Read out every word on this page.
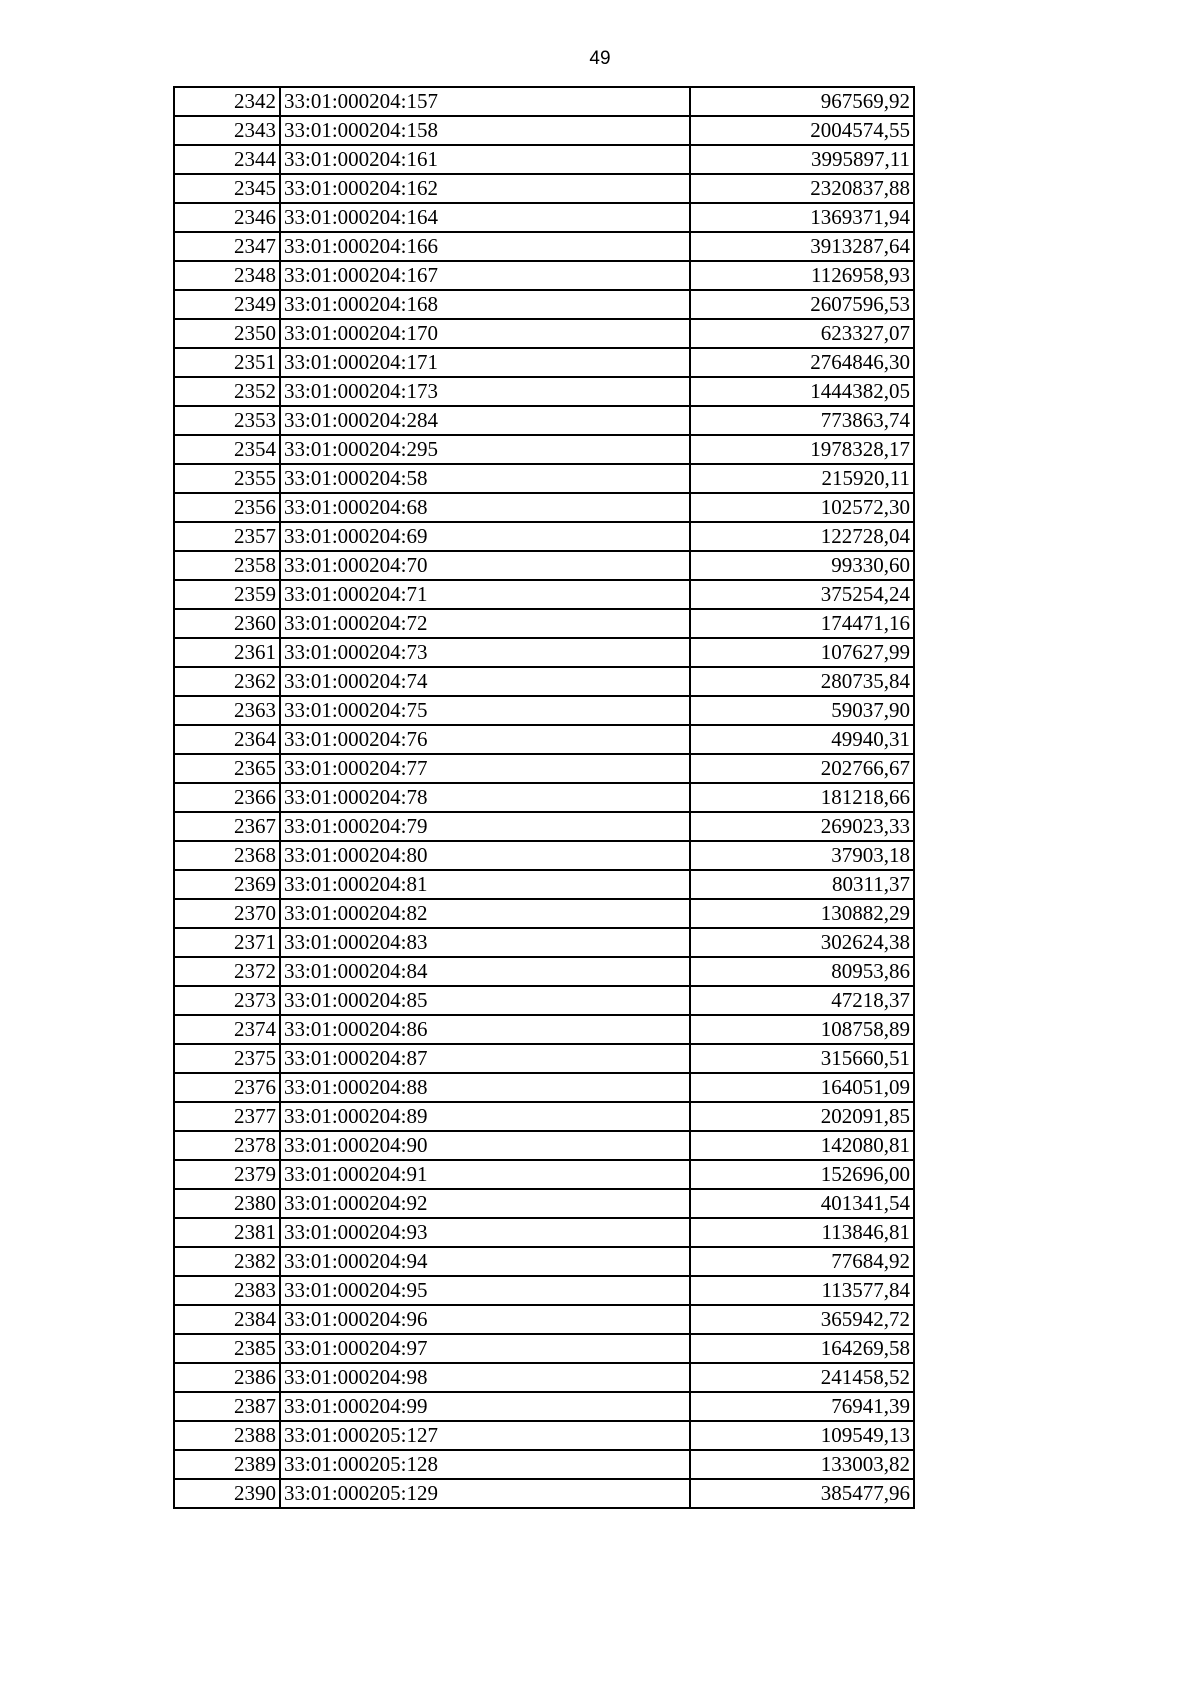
49
2342	33:01:000204:157	967569,92
2343	33:01:000204:158	2004574,55
2344	33:01:000204:161	3995897,11
2345	33:01:000204:162	2320837,88
2346	33:01:000204:164	1369371,94
2347	33:01:000204:166	3913287,64
2348	33:01:000204:167	1126958,93
2349	33:01:000204:168	2607596,53
2350	33:01:000204:170	623327,07
2351	33:01:000204:171	2764846,30
2352	33:01:000204:173	1444382,05
2353	33:01:000204:284	773863,74
2354	33:01:000204:295	1978328,17
2355	33:01:000204:58	215920,11
2356	33:01:000204:68	102572,30
2357	33:01:000204:69	122728,04
2358	33:01:000204:70	99330,60
2359	33:01:000204:71	375254,24
2360	33:01:000204:72	174471,16
2361	33:01:000204:73	107627,99
2362	33:01:000204:74	280735,84
2363	33:01:000204:75	59037,90
2364	33:01:000204:76	49940,31
2365	33:01:000204:77	202766,67
2366	33:01:000204:78	181218,66
2367	33:01:000204:79	269023,33
2368	33:01:000204:80	37903,18
2369	33:01:000204:81	80311,37
2370	33:01:000204:82	130882,29
2371	33:01:000204:83	302624,38
2372	33:01:000204:84	80953,86
2373	33:01:000204:85	47218,37
2374	33:01:000204:86	108758,89
2375	33:01:000204:87	315660,51
2376	33:01:000204:88	164051,09
2377	33:01:000204:89	202091,85
2378	33:01:000204:90	142080,81
2379	33:01:000204:91	152696,00
2380	33:01:000204:92	401341,54
2381	33:01:000204:93	113846,81
2382	33:01:000204:94	77684,92
2383	33:01:000204:95	113577,84
2384	33:01:000204:96	365942,72
2385	33:01:000204:97	164269,58
2386	33:01:000204:98	241458,52
2387	33:01:000204:99	76941,39
2388	33:01:000205:127	109549,13
2389	33:01:000205:128	133003,82
2390	33:01:000205:129	385477,96
